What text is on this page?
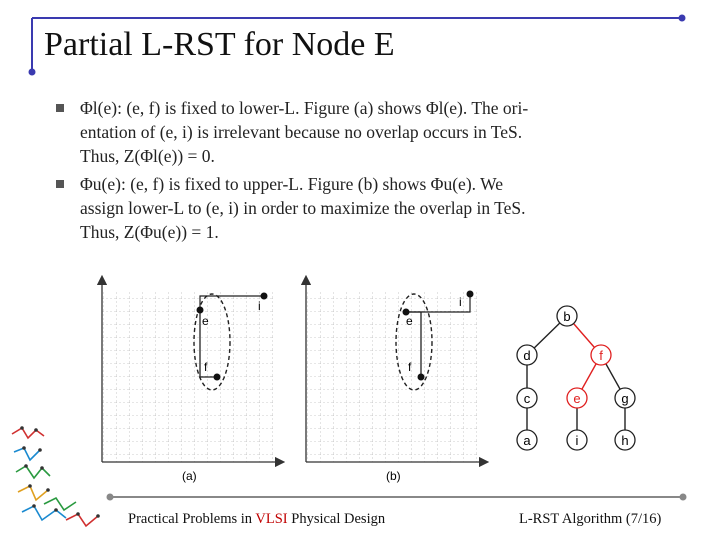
Partial L-RST for Node E
Φl(e): (e, f) is fixed to lower-L. Figure (a) shows Φl(e). The ori-
entation of (e, i) is irrelevant because no overlap occurs in TeS.
Thus, Z(Φl(e)) = 0.
Φu(e): (e, f) is fixed to upper-L. Figure (b) shows Φu(e). We
assign lower-L to (e, i) in order to maximize the overlap in TeS.
Thus, Z(Φu(e)) = 1.
e
f
i
(a)
e
f
i
(b)
b
d	f
c	e	g
a	i	h
Practical Problems in VLSI Physical Design	L-RST Algorithm (7/16)
